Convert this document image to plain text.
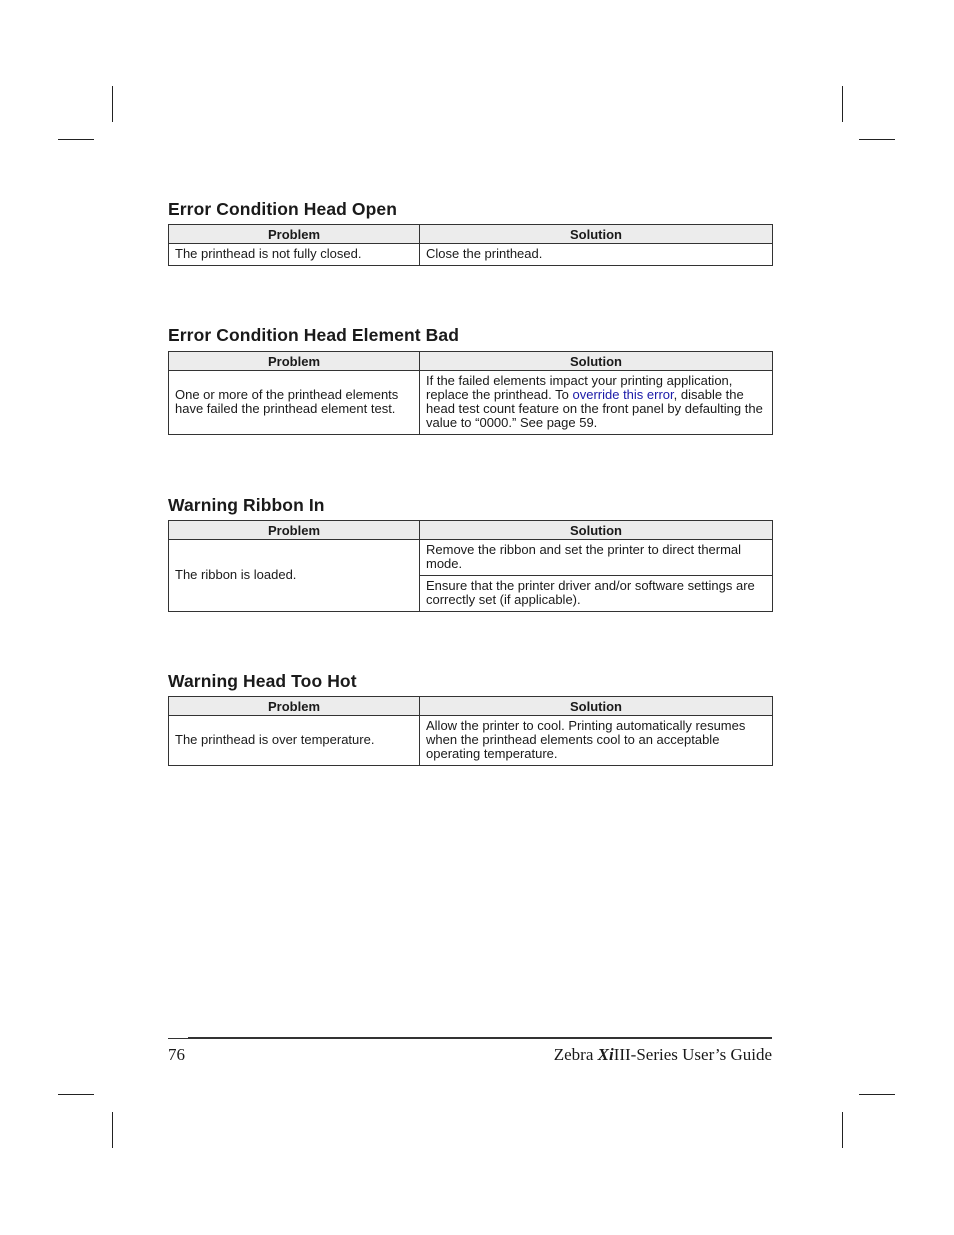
Error Condition Head Open
Problem	Solution
The printhead is not fully closed.	Close the printhead.
Error Condition Head Element Bad
Problem	Solution
One or more of the printhead elements have failed the printhead element test.	If the failed elements impact your printing application, replace the printhead. To override this error, disable the head test count feature on the front panel by defaulting the value to “0000.” See page 59.
Warning Ribbon In
Problem	Solution
The ribbon is loaded.	Remove the ribbon and set the printer to direct thermal mode.
	Ensure that the printer driver and/or software settings are correctly set (if applicable).
Warning Head Too Hot
Problem	Solution
The printhead is over temperature.	Allow the printer to cool. Printing automatically resumes when the printhead elements cool to an acceptable operating temperature.
76	Zebra XiIII-Series User’s Guide
